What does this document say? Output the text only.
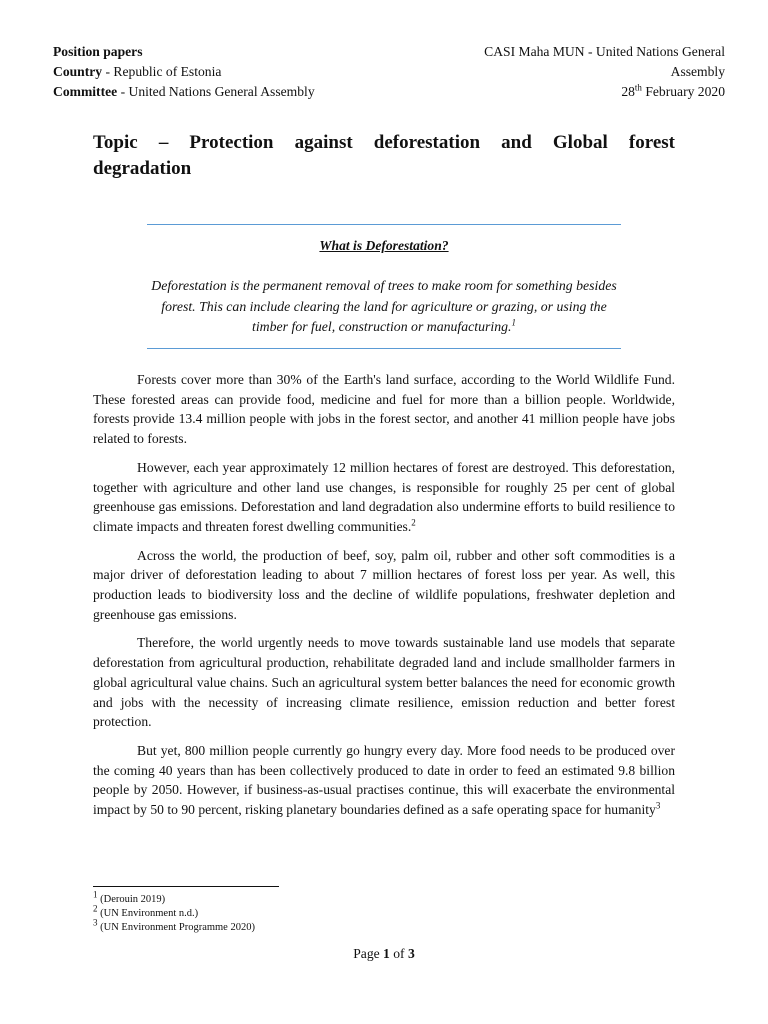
Position papers
Country - Republic of Estonia
Committee - United Nations General Assembly
CASI Maha MUN - United Nations General
Assembly
28th February 2020
Topic – Protection against deforestation and Global forest
degradation
What is Deforestation?
Deforestation is the permanent removal of trees to make room for something besides forest. This can include clearing the land for agriculture or grazing, or using the timber for fuel, construction or manufacturing.$^1$

Forests cover more than 30% of the Earth's land surface, according to the World Wildlife Fund. These forested areas can provide food, medicine and fuel for more than a billion people. Worldwide, forests provide 13.4 million people with jobs in the forest sector, and another 41 million people have jobs related to forests.

However, each year approximately 12 million hectares of forest are destroyed. This deforestation, together with agriculture and other land use changes, is responsible for roughly 25 per cent of global greenhouse gas emissions. Deforestation and land degradation also undermine efforts to build resilience to climate impacts and threaten forest dwelling communities.$^2$

Across the world, the production of beef, soy, palm oil, rubber and other soft commodities is a major driver of deforestation leading to about 7 million hectares of forest loss per year. As well, this production leads to biodiversity loss and the decline of wildlife populations, freshwater depletion and greenhouse gas emissions.

Therefore, the world urgently needs to move towards sustainable land use models that separate deforestation from agricultural production, rehabilitate degraded land and include smallholder farmers in global agricultural value chains. Such an agricultural system better balances the need for economic growth and jobs with the necessity of increasing climate resilience, emission reduction and better forest protection.

But yet, 800 million people currently go hungry every day. More food needs to be produced over the coming 40 years than has been collectively produced to date in order to feed an estimated 9.8 billion people by 2050. However, if business-as-usual practises continue, this will exacerbate the environmental impact by 50 to 90 percent, risking planetary boundaries defined as a safe operating space for humanity$^3$

$^1$ (Derouin 2019)
$^2$ (UN Environment n.d.)
$^3$ (UN Environment Programme 2020)
Page 1 of 3
